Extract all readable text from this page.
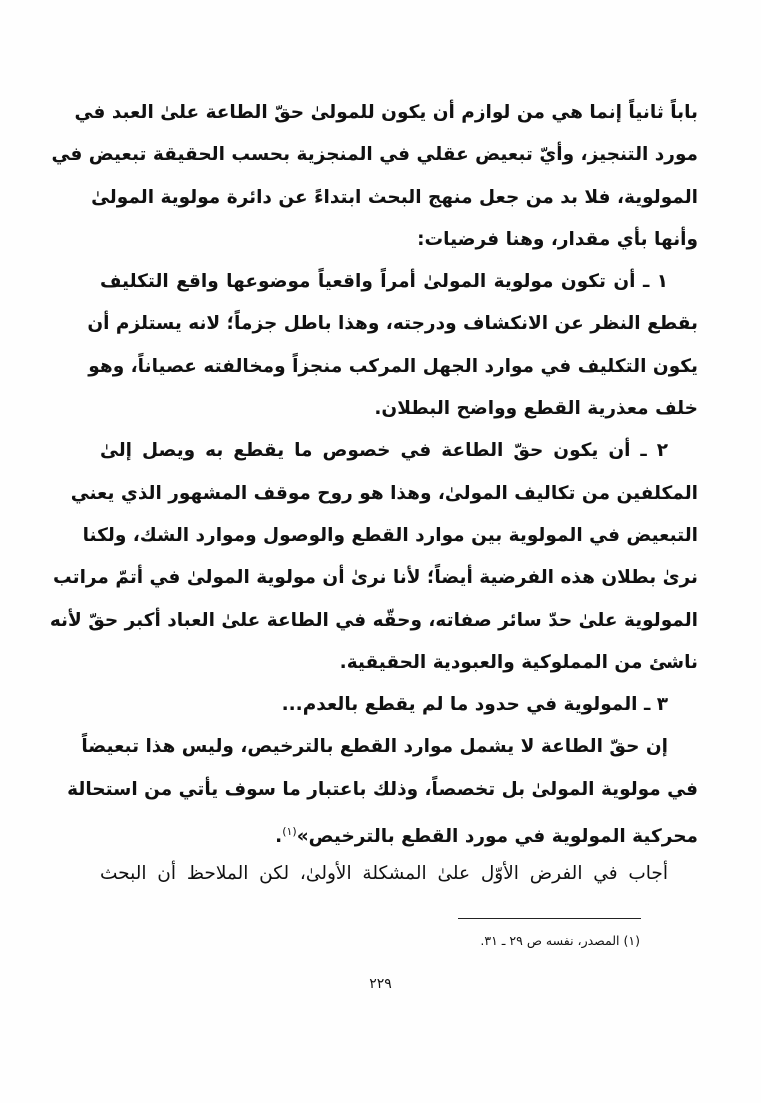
باباً ثانياً إنما هي من لوازم أن يكون للمولىٰ حقّ الطاعة علىٰ العبد في
مورد التنجيز، وأيّ تبعيض عقلي في المنجزية بحسب الحقيقة تبعيض في
المولوية، فلا بد من جعل منهج البحث ابتداءً عن دائرة مولوية المولىٰ
وأنها بأي مقدار، وهنا فرضيات:
١ ـ أن تكون مولوية المولىٰ أمراً واقعياً موضوعها واقع التكليف
بقطع النظر عن الانكشاف ودرجته، وهذا باطل جزماً؛ لانه يستلزم أن
يكون التكليف في موارد الجهل المركب منجزاً ومخالفته عصياناً، وهو
خلف معذرية القطع وواضح البطلان.
٢ ـ أن يكون حقّ الطاعة في خصوص ما يقطع به ويصل إلىٰ
المكلفين من تكاليف المولىٰ، وهذا هو روح موقف المشهور الذي يعني
التبعيض في المولوية بين موارد القطع والوصول وموارد الشك، ولكنا
نرىٰ بطلان هذه الفرضية أيضاً؛ لأنا نرىٰ أن مولوية المولىٰ في أتمّ مراتب
المولوية علىٰ حدّ سائر صفاته، وحقّه في الطاعة علىٰ العباد أكبر حقّ لأنه
ناشئ من المملوكية والعبودية الحقيقية.
٣ ـ المولوية في حدود ما لم يقطع بالعدم...
إن حقّ الطاعة لا يشمل موارد القطع بالترخيص، وليس هذا تبعيضاً
في مولوية المولىٰ بل تخصصاً، وذلك باعتبار ما سوف يأتي من استحالة
محركية المولوية في مورد القطع بالترخيص»$^{(١)}$.
أجاب في الفرض الأوّل علىٰ المشكلة الأولىٰ، لكن الملاحظ أن البحث
(١) المصدر، نفسه ص ٢٩ ـ ٣١.
٢٢٩
